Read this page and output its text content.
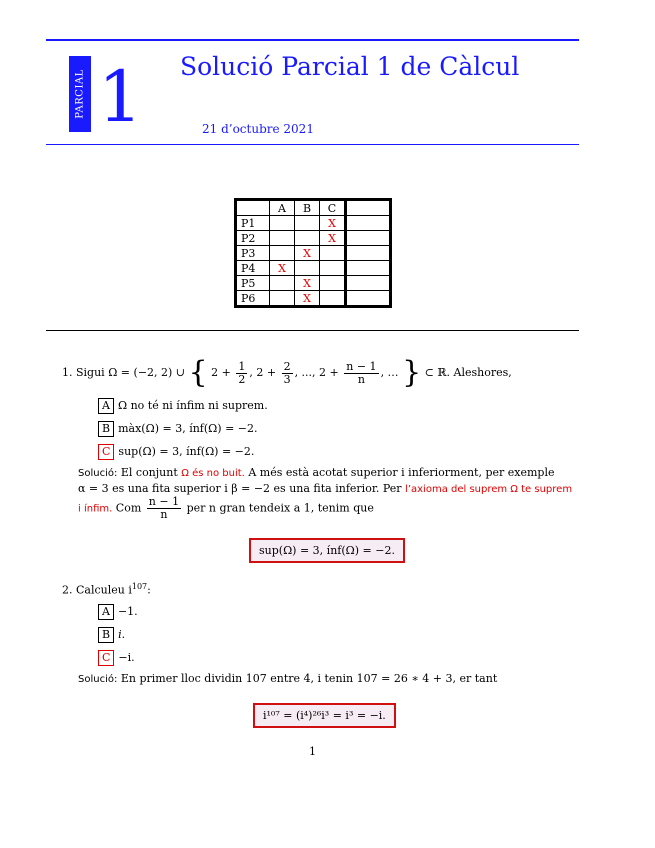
PARCIAL 1 Solució Parcial 1 de Càlcul
21 d’octubre 2021
	A	B	C	
P1			X	
P2			X	
P3		X		
P4	X			
P5		X		
P6		X		
1. Sigui Ω = (−2, 2) ∪ { $2 + \frac{1}{2}$ , $2 + \frac{2}{3}$ , ..., $2 + \frac{n - 1}{n}$ , … } ⊂ ℝ. Aleshores,
A Ω no té ni ínfim ni suprem.
B màx(Ω) = 3, ínf(Ω) = −2.
C sup(Ω) = 3, ínf(Ω) = −2.
Solució: El conjunt Ω és no buit. A més està acotat superior i inferiorment, per exemple
α = 3 es una fita superior i β = −2 es una fita inferior. Per l’axioma del suprem Ω te suprem
i ínfim. Com $\frac{n - 1}{n}$ per n gran tendeix a 1, tenim que
sup(Ω) = 3, ínf(Ω) = −2.
2. Calculeu $i^{107}$:
A −1.
B i.
C −i.
Solució: En primer lloc dividin 107 entre 4, i tenin 107 = 26 ∗ 4 + 3, er tant
i¹⁰⁷ = (i⁴)²⁶i³ = i³ = −i.
1
